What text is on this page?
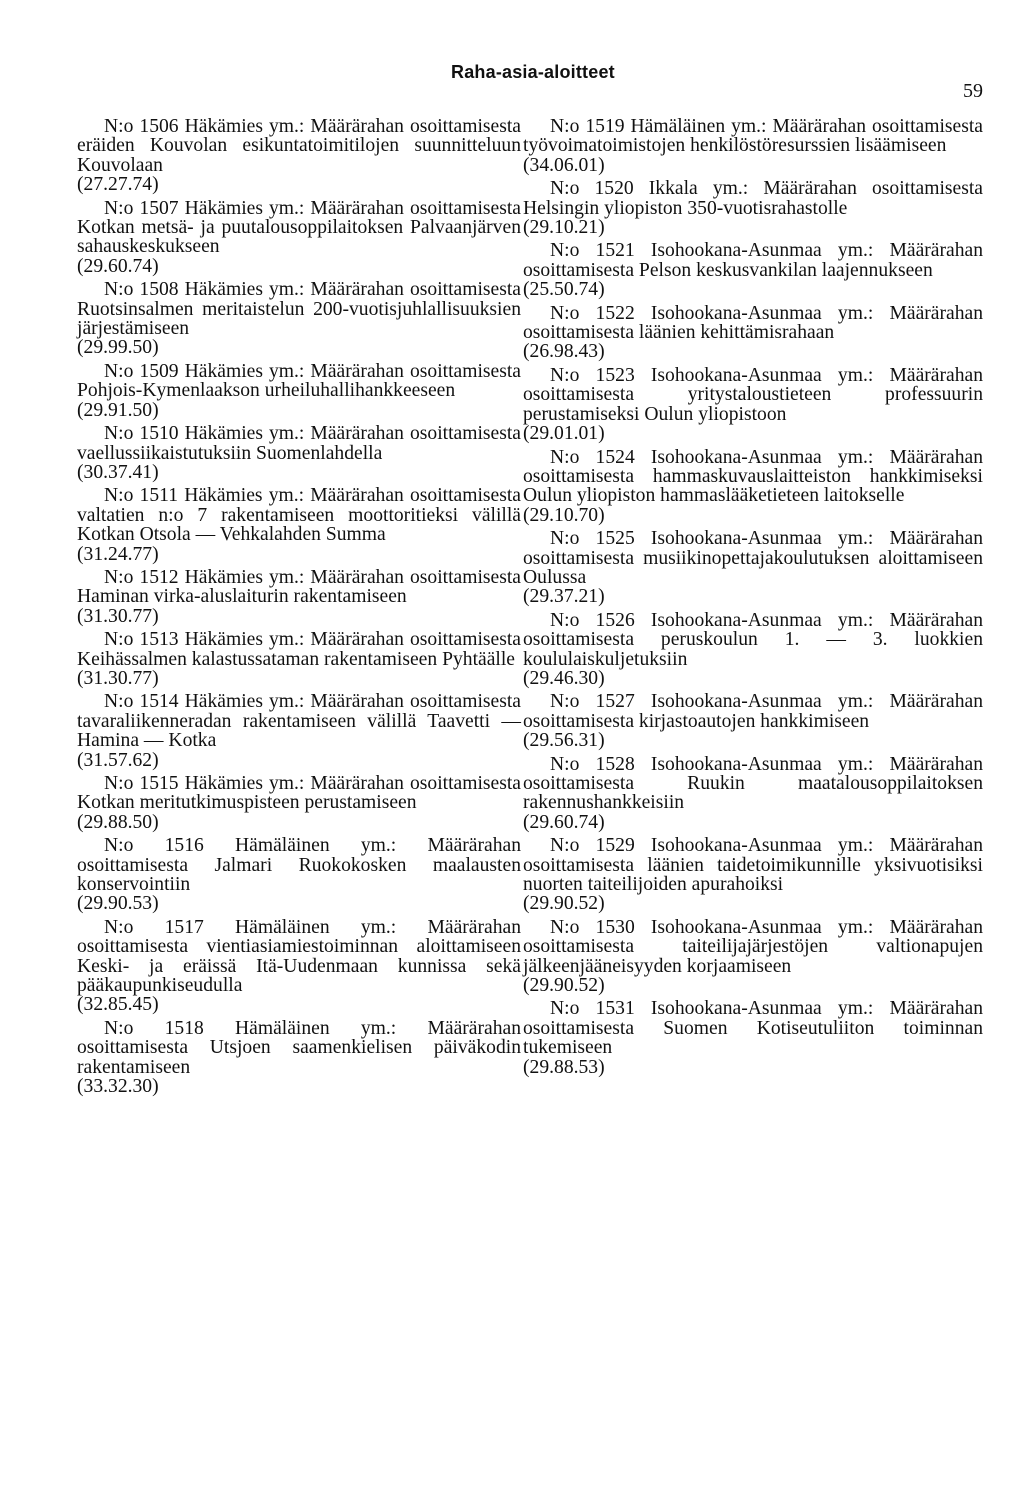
Raha-asia-aloitteet
59
N:o 1506 Häkämies ym.: Määrärahan osoittamisesta eräiden Kouvolan esikuntatoimitilojen suunnitteluun Kouvolaan
(27.27.74)
N:o 1507 Häkämies ym.: Määrärahan osoittamisesta Kotkan metsä- ja puutalousoppilaitoksen Palvaanjärven sahauskeskukseen
(29.60.74)
N:o 1508 Häkämies ym.: Määrärahan osoittamisesta Ruotsinsalmen meritaistelun 200-vuotisjuhlallisuuksien järjestämiseen
(29.99.50)
N:o 1509 Häkämies ym.: Määrärahan osoittamisesta Pohjois-Kymenlaakson urheiluhallihankkeeseen
(29.91.50)
N:o 1510 Häkämies ym.: Määrärahan osoittamisesta vaellussiikaistutuksiin Suomenlahdella
(30.37.41)
N:o 1511 Häkämies ym.: Määrärahan osoittamisesta valtatien n:o 7 rakentamiseen moottoritieksi välillä Kotkan Otsola — Vehkalahden Summa
(31.24.77)
N:o 1512 Häkämies ym.: Määrärahan osoittamisesta Haminan virka-aluslaiturin rakentamiseen
(31.30.77)
N:o 1513 Häkämies ym.: Määrärahan osoittamisesta Keihässalmen kalastussataman rakentamiseen Pyhtäälle
(31.30.77)
N:o 1514 Häkämies ym.: Määrärahan osoittamisesta tavaraliikenneradan rakentamiseen välillä Taavetti — Hamina — Kotka
(31.57.62)
N:o 1515 Häkämies ym.: Määrärahan osoittamisesta Kotkan meritutkimuspisteen perustamiseen
(29.88.50)
N:o 1516 Hämäläinen ym.: Määrärahan osoittamisesta Jalmari Ruokokosken maalausten konservointiin
(29.90.53)
N:o 1517 Hämäläinen ym.: Määrärahan osoittamisesta vientiasiamiestoiminnan aloittamiseen Keski- ja eräissä Itä-Uudenmaan kunnissa sekä pääkaupunkiseudulla
(32.85.45)
N:o 1518 Hämäläinen ym.: Määrärahan osoittamisesta Utsjoen saamenkielisen päiväkodin rakentamiseen
(33.32.30)
N:o 1519 Hämäläinen ym.: Määrärahan osoittamisesta työvoimatoimistojen henkilöstöresurssien lisäämiseen
(34.06.01)
N:o 1520 Ikkala ym.: Määrärahan osoittamisesta Helsingin yliopiston 350-vuotisrahastolle
(29.10.21)
N:o 1521 Isohookana-Asunmaa ym.: Määrärahan osoittamisesta Pelson keskusvankilan laajennukseen
(25.50.74)
N:o 1522 Isohookana-Asunmaa ym.: Määrärahan osoittamisesta läänien kehittämisrahaan
(26.98.43)
N:o 1523 Isohookana-Asunmaa ym.: Määrärahan osoittamisesta yritystaloustieteen professuurin perustamiseksi Oulun yliopistoon
(29.01.01)
N:o 1524 Isohookana-Asunmaa ym.: Määrärahan osoittamisesta hammaskuvauslaitteiston hankkimiseksi Oulun yliopiston hammaslääketieteen laitokselle
(29.10.70)
N:o 1525 Isohookana-Asunmaa ym.: Määrärahan osoittamisesta musiikinopettajakoulutuksen aloittamiseen Oulussa
(29.37.21)
N:o 1526 Isohookana-Asunmaa ym.: Määrärahan osoittamisesta peruskoulun 1. — 3. luokkien koululaiskuljetuksiin
(29.46.30)
N:o 1527 Isohookana-Asunmaa ym.: Määrärahan osoittamisesta kirjastoautojen hankkimiseen
(29.56.31)
N:o 1528 Isohookana-Asunmaa ym.: Määrärahan osoittamisesta Ruukin maatalousoppilaitoksen rakennushankkeisiin
(29.60.74)
N:o 1529 Isohookana-Asunmaa ym.: Määrärahan osoittamisesta läänien taidetoimikunnille yksivuotisiksi nuorten taiteilijoiden apurahoiksi
(29.90.52)
N:o 1530 Isohookana-Asunmaa ym.: Määrärahan osoittamisesta taiteilijajärjestöjen valtionapujen jälkeenjääneisyyden korjaamiseen
(29.90.52)
N:o 1531 Isohookana-Asunmaa ym.: Määrärahan osoittamisesta Suomen Kotiseutuliiton toiminnan tukemiseen
(29.88.53)
